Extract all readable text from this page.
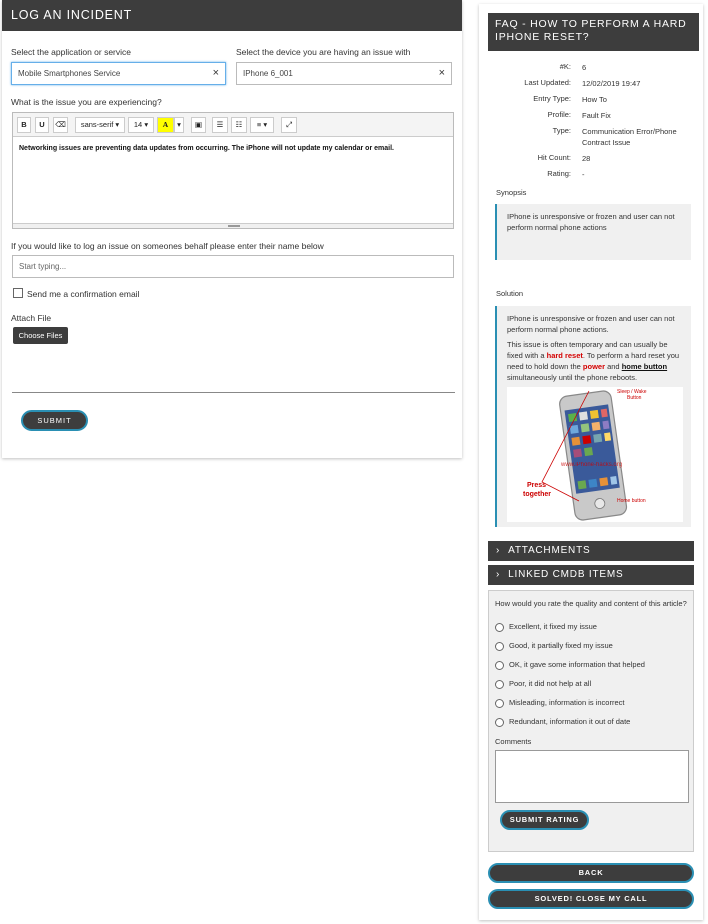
LOG AN INCIDENT
Select the application or service
Mobile Smartphones Service	×
Select the device you are having an issue with
IPhone 6_001	×
What is the issue you are experiencing?
B	U	⌫	sans-serif ▾	14 ▾	A	▾	▣	☰	☷	≡ ▾	⤢
Networking issues are preventing data updates from occurring. The iPhone will not update my calendar or email.
If you would like to log an issue on someones behalf please enter their name below
Start typing...
Send me a confirmation email
Attach File
Choose Files
SUBMIT
FAQ - HOW TO PERFORM A HARD IPHONE RESET?
#K: 6
Last Updated: 12/02/2019 19:47
Entry Type: How To
Profile: Fault Fix
Type: Communication Error/Phone Contract Issue
Hit Count: 28
Rating: -
Synopsis
IPhone is unresponsive or frozen and user can not perform normal phone actions
Solution

IPhone is unresponsive or frozen and user can not perform normal phone actions.

This issue is often temporary and can usually be fixed with a hard reset. To perform a hard reset you need to hold down the power and home button simultaneously until the phone reboots.

Press together
Sleep / Wake Button
www.iPhone-hacks.org
Home button
› ATTACHMENTS
› LINKED CMDB ITEMS
How would you rate the quality and content of this article?
Excellent, it fixed my issue
Good, it partially fixed my issue
OK, it gave some information that helped
Poor, it did not help at all
Misleading, information is incorrect
Redundant, information it out of date
Comments
SUBMIT RATING
BACK
SOLVED! CLOSE MY CALL
